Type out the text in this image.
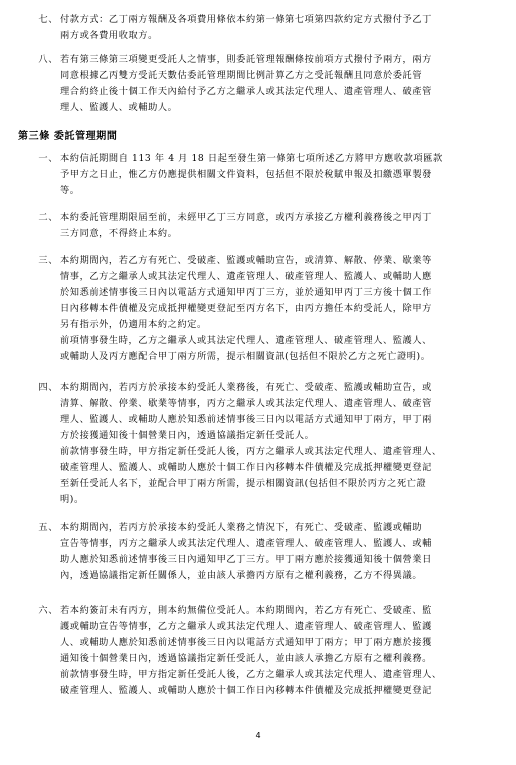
七、 付款方式：乙丁兩方報酬及各項費用條依本約第一條第七項第四款約定方式撥付予乙丁
兩方或各費用收取方。
八、 若有第三條第三項變更受託人之情事，則委託管理報酬條按前項方式撥付予兩方，兩方
同意根據乙丙雙方受託天數估委託管理期間比例計算乙方之受託報酬且同意於委託管
理合約終止後十個工作天內給付予乙方之繼承人或其法定代理人、遺產管理人、破產管
理人、監護人、或輔助人。
第三條 委託管理期間
一、 本約信託期間自 113 年 4 月 18 日起至發生第一條第七項所述乙方將甲方應收款項匯款
予甲方之日止，惟乙方仍應提供相關文件資料，包括但不限於稅賦申報及扣繳憑單製發
等。
二、 本約委託管理期限屆至前，未經甲乙丁三方同意，或丙方承接乙方權利義務後之甲丙丁
三方同意，不得終止本約。
三、 本約期間內，若乙方有死亡、受破產、監護或輔助宣告，或清算、解散、停業、歇業等
情事，乙方之繼承人或其法定代理人、遺產管理人、破產管理人、監護人、或輔助人應
於知悉前述情事後三日內以電話方式通知甲丙丁三方，並於通知甲丙丁三方後十個工作
日內移轉本件債權及完成抵押權變更登記至丙方名下，由丙方擔任本約受託人，除甲方
另有指示外，仍適用本約之約定。
前項情事發生時，乙方之繼承人或其法定代理人、遺產管理人、破產管理人、監護人、
或輔助人及丙方應配合甲丁兩方所需，提示相關資訊(包括但不限於乙方之死亡證明)。
四、 本約期間內，若丙方於承接本約受託人業務後，有死亡、受破產、監護或輔助宣告，或
清算、解散、停業、歇業等情事，丙方之繼承人或其法定代理人、遺產管理人、破產管
理人、監護人、或輔助人應於知悉前述情事後三日內以電話方式通知甲丁兩方，甲丁兩
方於接獲通知後十個營業日內，透過協議指定新任受託人。
前款情事發生時，甲方指定新任受託人後，丙方之繼承人或其法定代理人、遺產管理人、
破產管理人、監護人、或輔助人應於十個工作日內移轉本件債權及完成抵押權變更登記
至新任受託人名下，並配合甲丁兩方所需，提示相關資訊(包括但不限於丙方之死亡證
明)。
五、 本約期間內，若丙方於承接本約受託人業務之情況下，有死亡、受破產、監護或輔助
宣告等情事，丙方之繼承人或其法定代理人、遺產管理人、破產管理人、監護人、或輔
助人應於知悉前述情事後三日內通知甲乙丁三方。甲丁兩方應於接獲通知後十個營業日
內，透過協議指定新任關係人，並由該人承擔丙方原有之權利義務，乙方不得異議。
六、 若本約簽訂未有丙方，則本約無備位受託人。本約期間內，若乙方有死亡、受破產、監
護或輔助宣告等情事，乙方之繼承人或其法定代理人、遺產管理人、破產管理人、監護
人、或輔助人應於知悉前述情事後三日內以電話方式通知甲丁兩方；甲丁兩方應於接獲
通知後十個營業日內，透過協議指定新任受託人，並由該人承擔乙方原有之權利義務。
前款情事發生時，甲方指定新任受託人後，乙方之繼承人或其法定代理人、遺產管理人、
破產管理人、監護人、或輔助人應於十個工作日內移轉本件債權及完成抵押權變更登記
4
